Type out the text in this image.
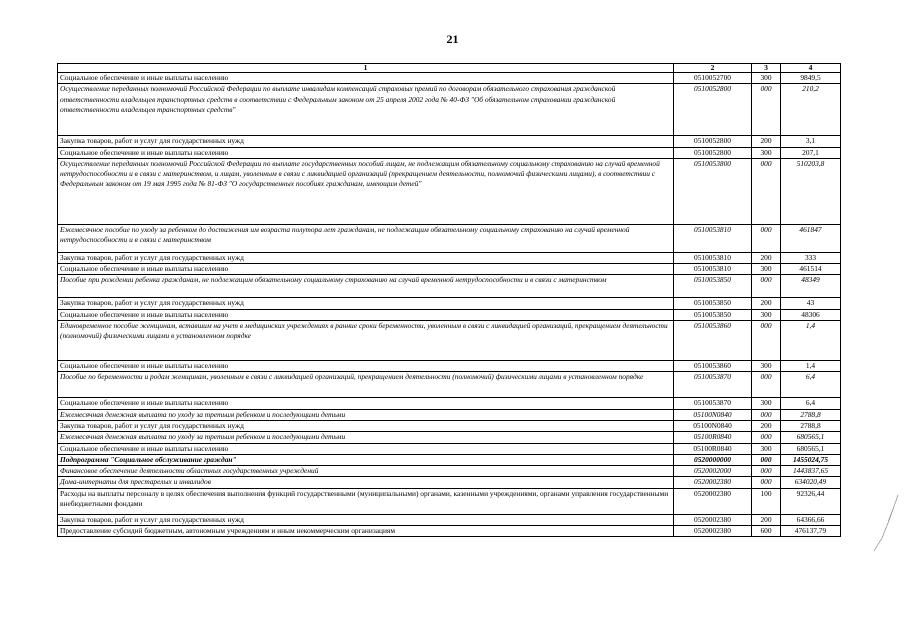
21
1	2	3	4
Социальное обеспечение и иные выплаты населению	0510052700	300	9849,5
Осуществление переданных полномочий Российской Федерации по выплате инвалидам компенсаций страховых премий по договорам обязательного страхования гражданской ответственности владельцев транспортных средств в соответствии с Федеральным законом от 25 апреля 2002 года № 40-ФЗ "Об обязательном страховании гражданской ответственности владельцев транспортных средств"	0510052800	000	210,2
Закупка товаров, работ и услуг для государственных нужд	0510052800	200	3,1
Социальное обеспечение и иные выплаты населению	0510052800	300	207,1
Осуществление переданных полномочий Российской Федерации по выплате государственных пособий лицам, не подлежащим обязательному социальному страхованию на случай временной нетрудоспособности и в связи с материнством, и лицам, уволенным в связи с ликвидацией организаций (прекращением деятельности, полномочий физическими лицами), в соответствии с Федеральным законом от 19 мая 1995 года № 81-ФЗ "О государственных пособиях гражданам, имеющим детей"	0510053800	000	510203,8
Ежемесячное пособие по уходу за ребенком до достижения им возраста полутора лет гражданам, не подлежащим обязательному социальному страхованию на случай временной нетрудоспособности и в связи с материнством	0510053810	000	461847
Закупка товаров, работ и услуг для государственных нужд	0510053810	200	333
Социальное обеспечение и иные выплаты населению	0510053810	300	461514
Пособие при рождении ребенка гражданам, не подлежащим обязательному социальному страхованию на случай временной нетрудоспособности и в связи с материнством	0510053850	000	48349
Закупка товаров, работ и услуг для государственных нужд	0510053850	200	43
Социальное обеспечение и иные выплаты населению	0510053850	300	48306
Единовременное пособие женщинам, вставшим на учет в медицинских учреждениях в ранние сроки беременности, уволенным в связи с ликвидацией организаций, прекращением деятельности (полномочий) физическими лицами в установленном порядке	0510053860	000	1,4
Социальное обеспечение и иные выплаты населению	0510053860	300	1,4
Пособие по беременности и родам женщинам, уволенным в связи с ликвидацией организаций, прекращением деятельности (полномочий) физическими лицами в установленном порядке	0510053870	000	6,4
Социальное обеспечение и иные выплаты населению	0510053870	300	6,4
Ежемесячная денежная выплата по уходу за третьим ребенком и последующими детьми	05100N0840	000	2788,8
Закупка товаров, работ и услуг для государственных нужд	05100N0840	200	2788,8
Ежемесячная денежная выплата по уходу за третьим ребенком и последующими детьми	05100R0840	000	680565,1
Социальное обеспечение и иные выплаты населению	05100R0840	300	680565,1
Подпрограмма "Социальное обслуживание граждан"	0520000000	000	1455024,75
Финансовое обеспечение деятельности областных государственных учреждений	0520002000	000	1443837,65
Дома-интернаты для престарелых и инвалидов	0520002380	000	634020,49
Расходы на выплаты персоналу в целях обеспечения выполнения функций государственными (муниципальными) органами, казенными учреждениями, органами управления государственными внебюджетными фондами	0520002380	100	92326,44
Закупка товаров, работ и услуг для государственных нужд	0520002380	200	64366,66
Предоставление субсидий бюджетным, автономным учреждениям и иным некоммерческим организациям	0520002380	600	476137,79
